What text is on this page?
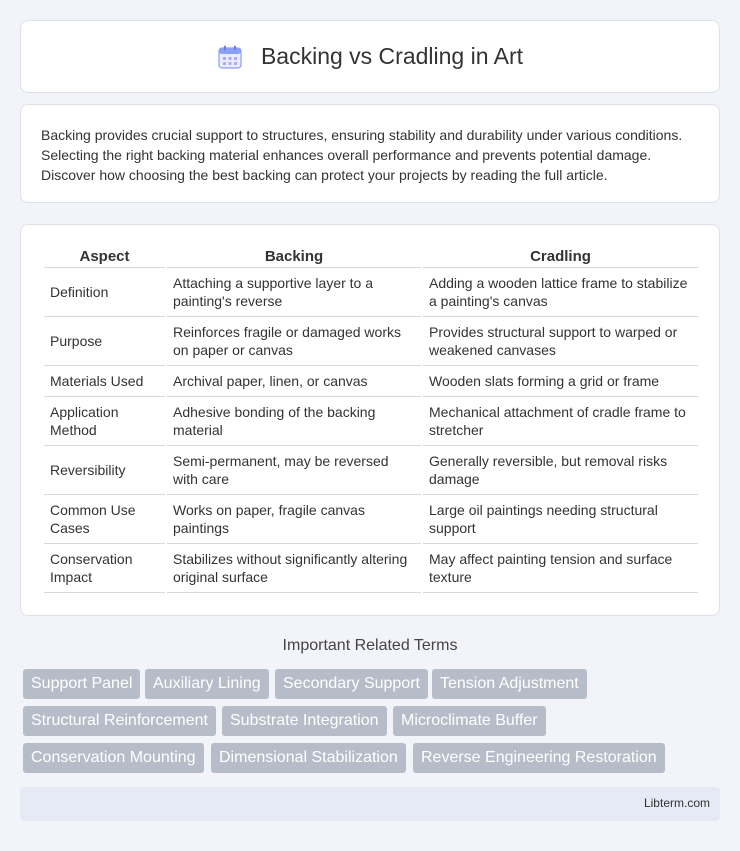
Backing vs Cradling in Art

Backing provides crucial support to structures, ensuring stability and durability under various conditions. Selecting the right backing material enhances overall performance and prevents potential damage. Discover how choosing the best backing can protect your projects by reading the full article.

Aspect	Backing	Cradling
Definition	Attaching a supportive layer to a painting's reverse	Adding a wooden lattice frame to stabilize a painting's canvas
Purpose	Reinforces fragile or damaged works on paper or canvas	Provides structural support to warped or weakened canvases
Materials Used	Archival paper, linen, or canvas	Wooden slats forming a grid or frame
Application Method	Adhesive bonding of the backing material	Mechanical attachment of cradle frame to stretcher
Reversibility	Semi-permanent, may be reversed with care	Generally reversible, but removal risks damage
Common Use Cases	Works on paper, fragile canvas paintings	Large oil paintings needing structural support
Conservation Impact	Stabilizes without significantly altering original surface	May affect painting tension and surface texture
Important Related Terms
Support Panel	Auxiliary Lining	Secondary Support	Tension Adjustment
Structural Reinforcement	Substrate Integration	Microclimate Buffer
Conservation Mounting	Dimensional Stabilization	Reverse Engineering Restoration
Libterm.com
